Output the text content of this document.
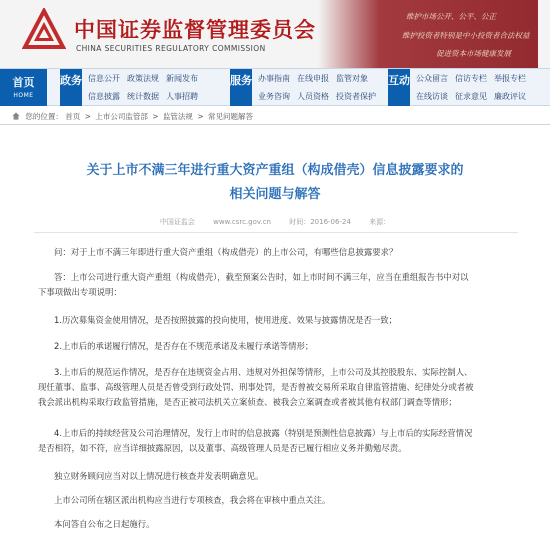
中国证券监督管理委员会
CHINA SECURITIES REGULATORY COMMISSION
维护市场公开、公平、公正
维护投资者特别是中小投资者合法权益
促进资本市场健康发展
首页
HOME
政务 信息公开 政策法规 新闻发布
信息披露 统计数据 人事招聘
服务 办事指南 在线申报 监管对象
业务咨询 人员资格 投资者保护
互动 公众留言 信访专栏 举报专栏
在线访谈 征求意见 廉政评议
您的位置： 首页 > 上市公司监管部 > 监管法规 > 常见问题解答
关于上市不满三年进行重大资产重组（构成借壳）信息披露要求的
相关问题与解答
中国证监会	www.csrc.gov.cn	时间：2016-06-24	来源：
问：对于上市不满三年即进行重大资产重组（构成借壳）的上市公司，有哪些信息披露要求？
答：上市公司进行重大资产重组（构成借壳），截至预案公告时，如上市时间不满三年，应当在重组报告书中对以
下事项做出专项说明：
1.历次募集资金使用情况，是否按照披露的投向使用，使用进度、效果与披露情况是否一致；
2.上市后的承诺履行情况，是否存在不规范承诺及未履行承诺等情形；
3.上市后的规范运作情况，是否存在违规资金占用、违规对外担保等情形，上市公司及其控股股东、实际控制人、
现任董事、监事、高级管理人员是否曾受到行政处罚、刑事处罚，是否曾被交易所采取自律监管措施、纪律处分或者被
我会派出机构采取行政监管措施，是否正被司法机关立案侦查、被我会立案调查或者被其他有权部门调查等情形；
4.上市后的持续经营及公司治理情况，发行上市时的信息披露（特别是预测性信息披露）与上市后的实际经营情况
是否相符，如不符，应当详细披露原因，以及董事、高级管理人员是否已履行相应义务并勤勉尽责。
独立财务顾问应当对以上情况进行核查并发表明确意见。
上市公司所在辖区派出机构应当进行专项核查，我会将在审核中重点关注。
本问答自公布之日起施行。
